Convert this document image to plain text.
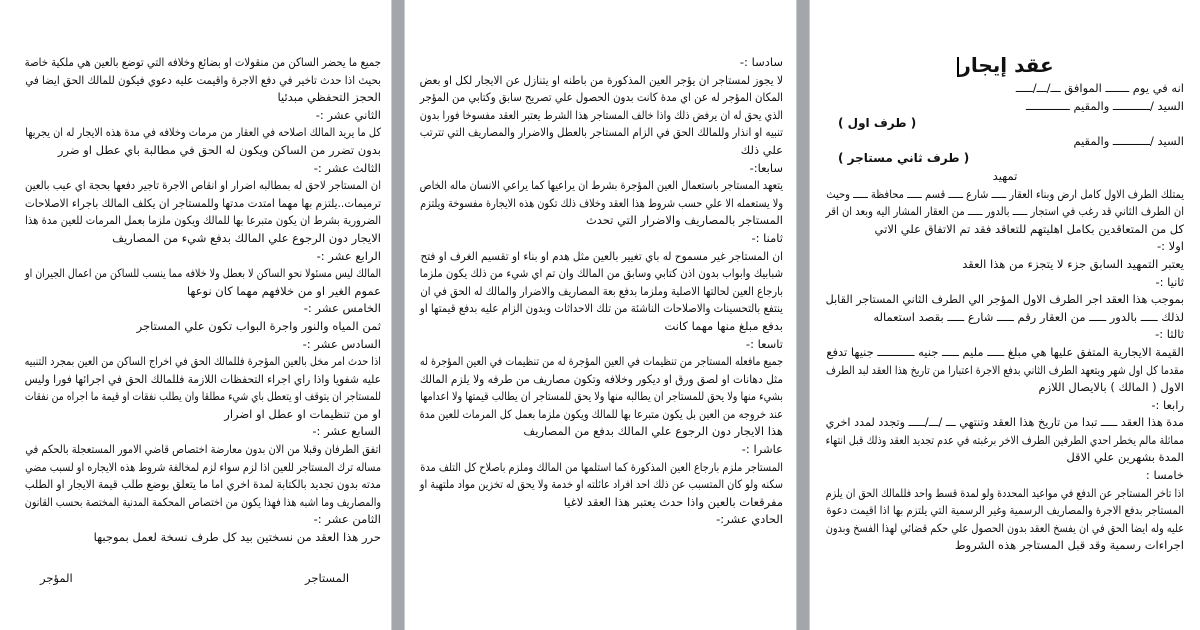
جميع ما يحضر الساكن من منقولات او بضائع وخلافه التي توضع بالعين هي ملكية خاصة
بحيث اذا حدث تاخير في دفع الاجرة واقيمت عليه دعوي فيكون للمالك الحق ايضا في
الحجز التحفظي مبدئيا
الثاني عشر :-
كل ما يريد المالك اصلاحه في العقار من مرمات وخلافه في مدة هذه الايجار له ان يجريها
بدون تضرر من الساكن ويكون له الحق في مطالبة باي عطل او ضرر
الثالث عشر :-
ان المستاجر لاحق له بمطالبه اضرار او انقاص الاجرة تاجير دفعها بحجة اي عيب بالعين
ترميمات..يلتزم بها مهما امتدت مدتها وللمستاجر ان يكلف المالك باجراء الاصلاحات
الضرورية بشرط ان يكون متبرعا بها للمالك ويكون ملزما بعمل المرمات للعين مدة هذا
الايجار دون الرجوع علي المالك بدفع شيء من المصاريف
الرابع عشر :-
المالك ليس مسئولا نحو الساكن لا بعطل ولا خلافه مما ينسب للساكن من اعمال الجيران او
عموم الغير او من خلافهم مهما كان نوعها
الخامس عشر :-
ثمن المياه والنور واجرة البواب تكون علي المستاجر
السادس عشر :-
اذا حدث امر مخل بالعين المؤجرة فللمالك الحق في اخراج الساكن من العين بمجرد التنبيه
عليه شفويا واذا راي اجراء التحفظات اللازمة فللمالك الحق في اجرائها فورا وليس
للمستاجر ان يتوقف او يتعطل باي شيء مطلقا وان يطلب نفقات او قيمة ما اجراه من نفقات
او من تنظيمات او عطل او اضرار
السابع عشر :-
اتفق الطرفان وقبلا من الان بدون معارضة اختصاص قاضي الامور المستعجلة بالحكم في
مساله ترك المستاجر للعين اذا لزم سواء لزم لمخالفة شروط هذه الايجاره او لسبب مضي
مدته بدون تجديد بالكتابة لمدة اخري اما ما يتعلق بوضع طلب قيمة الايجار او الطلب
والمصاريف وما اشبه هذا فهذا يكون من اختصاص المحكمة المدنية المختصة بحسب القانون
الثامن عشر :-
حرر هذا العقد من نسختين بيد كل طرف نسخة لعمل بموجبها
المستاجر
المؤجر
سادسا :-
لا يجوز لمستاجر ان يؤجر العين المذكورة من باطنه او يتنازل عن الايجار لكل او بعض
المكان المؤجر له عن اي مدة كانت بدون الحصول علي تصريح سابق وكتابي من المؤجر
الذي يحق له ان يرفض ذلك واذا خالف المستاجر هذا الشرط يعتبر العقد مفسوخا فورا بدون
تنبيه او انذار وللمالك الحق في الزام المستاجر بالعطل والاضرار والمصاريف التي تترتب
علي ذلك
سابعا:-
يتعهد المستاجر باستعمال العين المؤجرة بشرط ان يراعيها كما يراعي الانسان ماله الخاص
ولا يستعمله الا علي حسب شروط هذا العقد وخلاف ذلك تكون هذه الايجارة مفسوخة ويلتزم
المستاجر بالمصاريف والاضرار التي تحدث
ثامنا :-
ان المستاجر غير مسموح له باي تغيير بالعين مثل هدم او بناء او تقسيم الغرف او فتح
شبابيك وابواب بدون اذن كتابي وسابق من المالك وان تم اي شيء من ذلك يكون ملزما
بارجاع العين لحالتها الاصلية وملزما بدفع بعة المصاريف والاضرار والمالك له الحق في ان
ينتفع بالتحسينات والاصلاحات الناشئة من تلك الاحداثات وبدون الزام عليه بدفع قيمتها او
بدفع مبلغ منها مهما كانت
تاسعا :-
جميع مافعله المستاجر من تنظيمات في العين المؤجرة له من تنظيمات في العين المؤجرة له
مثل دهانات او لصق ورق او ديكور وخلافه وتكون مصاريف من طرفه ولا يلزم المالك
بشيء منها ولا يحق للمستاجر ان يطالبه منها ولا يحق للمستاجر ان يطالب قيمتها ولا اعدامها
عند خروجه من العين بل يكون متبرعا بها للمالك ويكون ملزما بعمل كل المرمات للعين مدة
هذا الايجار دون الرجوع علي المالك بدفع من المصاريف
عاشرا :-
المستاجر ملزم بارجاع العين المذكورة كما استلمها من المالك وملزم باصلاح كل التلف مدة
سكنه ولو كان المتسبب عن ذلك احد افراد عائلته او خدمة ولا يحق له تخزين مواد ملتهبة او
مفرقعات بالعين واذا حدث يعتبر هذا العقد لاغيا
الحادي عشر:-
عقد إيجار
انه في يوم ـــــــ الموافق ـــ/ـــ/ـــــ
السيد /ـــــــــــ والمقيم ـــــــــــــ
( طرف اول )
السيد /ـــــــــــ والمقيم
( طرف ثاني مستاجر )
تمهيد
يمتلك الطرف الاول كامل ارض وبناء العقار ـــــ شارع ـــــ قسم ـــــ محافظة ـــــ وحيث
ان الطرف الثاني قد رغب في استجار ـــــ بالدور ـــــ من العقار المشار اليه وبعد ان اقر
كل من المتعاقدين بكامل اهليتهم للتعاقد فقد تم الاتفاق علي الاتي
اولا :-
يعتبر التمهيد السابق جزء لا يتجزء من هذا العقد
ثانيا :-
بموجب هذا العقد اجر الطرف الاول المؤجر الي الطرف الثاني المستاجر القابل
لذلك ـــــ بالدور ـــــ من العقار رقم ـــــ شارع ـــــ بقصد استعماله
ثالثا :-
القيمة الايجارية المتفق عليها هي مبلغ ـــــ مليم ـــــ جنيه ـــــــــــ جنيها تدفع
مقدما كل اول شهر ويتعهد الطرف الثاني بدفع الاجرة اعتبارا من تاريخ هذا العقد لبد الطرف
الاول ( المالك ) بالايصال اللازم
رابعا :-
مدة هذا العقد ـــــ تبدا من تاريخ هذا العقد وتنتهي ـــ /ـــ/ـــــ وتجدد لمدد اخري
مماثلة مالم يخطر احدي الطرفين الطرف الاخر برغبته في عدم تجديد العقد وذلك قبل انتهاء
المدة بشهرين علي الاقل
خامسا :
اذا تاخر المستاجر عن الدفع في مواعيد المحددة ولو لمدة قسط واحد فللمالك الحق ان يلزم
المستاجر بدفع الاجرة والمصاريف الرسمية وغير الرسمية التي يلتزم بها اذا اقيمت دعوة
عليه وله ايضا الحق في ان يفسخ العقد بدون الحصول علي حكم قضائي لهذا الفسخ وبدون
اجراءات رسمية وقد قبل المستاجر هذه الشروط
